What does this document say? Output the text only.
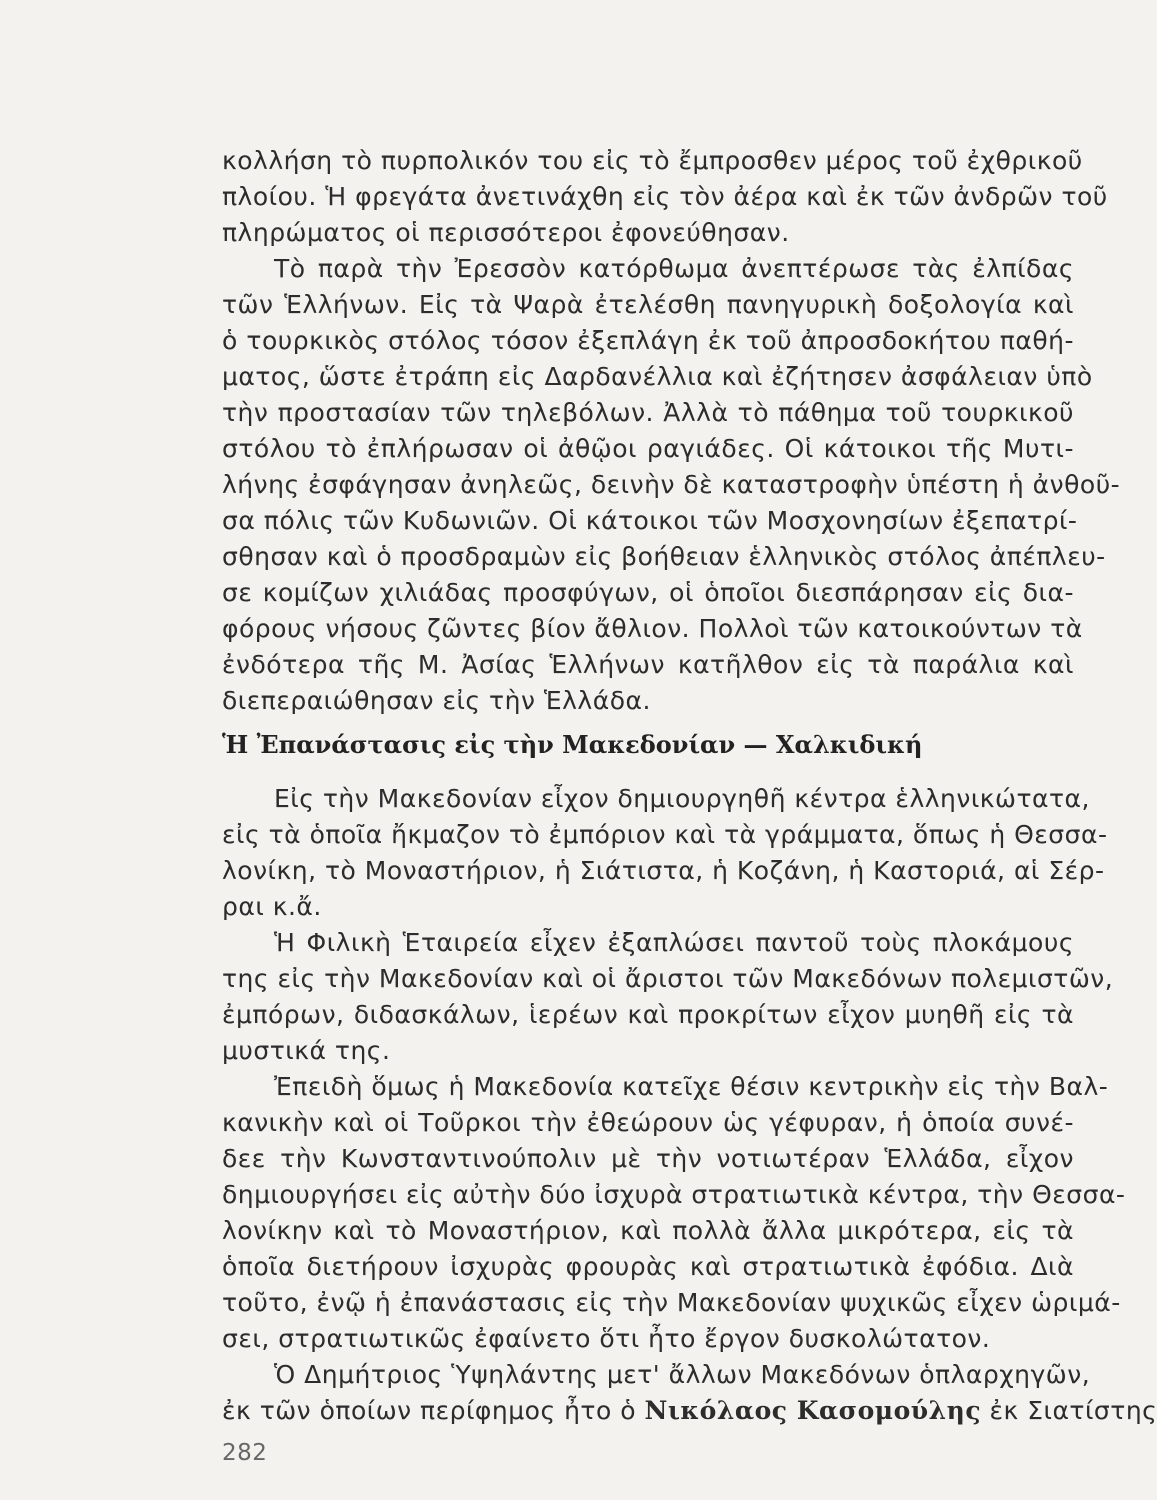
κολλήση τὸ πυρπολικόν του εἰς τὸ ἔμπροσθεν μέρος τοῦ ἐχθρικοῦ
πλοίου. Ἡ φρεγάτα ἀνετινάχθη εἰς τὸν ἀέρα καὶ ἐκ τῶν ἀνδρῶν τοῦ
πληρώματος οἱ περισσότεροι ἐφονεύθησαν.
Τὸ παρὰ τὴν Ἐρεσσὸν κατόρθωμα ἀνεπτέρωσε τὰς ἐλπίδας
τῶν Ἑλλήνων. Εἰς τὰ Ψαρὰ ἐτελέσθη πανηγυρικὴ δοξολογία καὶ
ὁ τουρκικὸς στόλος τόσον ἐξεπλάγη ἐκ τοῦ ἀπροσδοκήτου παθή-
ματος, ὥστε ἐτράπη εἰς Δαρδανέλλια καὶ ἐζήτησεν ἀσφάλειαν ὑπὸ
τὴν προστασίαν τῶν τηλεβόλων. Ἀλλὰ τὸ πάθημα τοῦ τουρκικοῦ
στόλου τὸ ἐπλήρωσαν οἱ ἀθῷοι ραγιάδες. Οἱ κάτοικοι τῆς Μυτι-
λήνης ἐσφάγησαν ἀνηλεῶς, δεινὴν δὲ καταστροφὴν ὑπέστη ἡ ἀνθοῦ-
σα πόλις τῶν Κυδωνιῶν. Οἱ κάτοικοι τῶν Μοσχονησίων ἐξεπατρί-
σθησαν καὶ ὁ προσδραμὼν εἰς βοήθειαν ἑλληνικὸς στόλος ἀπέπλευ-
σε κομίζων χιλιάδας προσφύγων, οἱ ὁποῖοι διεσπάρησαν εἰς δια-
φόρους νήσους ζῶντες βίον ἄθλιον. Πολλοὶ τῶν κατοικούντων τὰ
ἐνδότερα τῆς Μ. Ἀσίας Ἑλλήνων κατῆλθον εἰς τὰ παράλια καὶ
διεπεραιώθησαν εἰς τὴν Ἑλλάδα.
Ἡ Ἐπανάστασις εἰς τὴν Μακεδονίαν — Χαλκιδική
Εἰς τὴν Μακεδονίαν εἶχον δημιουργηθῆ κέντρα ἑλληνικώτατα,
εἰς τὰ ὁποῖα ἤκμαζον τὸ ἐμπόριον καὶ τὰ γράμματα, ὅπως ἡ Θεσσα-
λονίκη, τὸ Μοναστήριον, ἡ Σιάτιστα, ἡ Κοζάνη, ἡ Καστοριά, αἱ Σέρ-
ραι κ.ἄ.
Ἡ Φιλικὴ Ἑταιρεία εἶχεν ἐξαπλώσει παντοῦ τοὺς πλοκάμους
της εἰς τὴν Μακεδονίαν καὶ οἱ ἄριστοι τῶν Μακεδόνων πολεμιστῶν,
ἐμπόρων, διδασκάλων, ἱερέων καὶ προκρίτων εἶχον μυηθῆ εἰς τὰ
μυστικά της.
Ἐπειδὴ ὅμως ἡ Μακεδονία κατεῖχε θέσιν κεντρικὴν εἰς τὴν Βαλ-
κανικὴν καὶ οἱ Τοῦρκοι τὴν ἐθεώρουν ὡς γέφυραν, ἡ ὁποία συνέ-
δεε τὴν Κωνσταντινούπολιν μὲ τὴν νοτιωτέραν Ἑλλάδα, εἶχον
δημιουργήσει εἰς αὐτὴν δύο ἰσχυρὰ στρατιωτικὰ κέντρα, τὴν Θεσσα-
λονίκην καὶ τὸ Μοναστήριον, καὶ πολλὰ ἄλλα μικρότερα, εἰς τὰ
ὁποῖα διετήρουν ἰσχυρὰς φρουρὰς καὶ στρατιωτικὰ ἐφόδια. Διὰ
τοῦτο, ἐνῷ ἡ ἐπανάστασις εἰς τὴν Μακεδονίαν ψυχικῶς εἶχεν ὡριμά-
σει, στρατιωτικῶς ἐφαίνετο ὅτι ἦτο ἔργον δυσκολώτατον.
Ὁ Δημήτριος Ὑψηλάντης μετ' ἄλλων Μακεδόνων ὁπλαρχηγῶν,
ἐκ τῶν ὁποίων περίφημος ἦτο ὁ Νικόλαος Κασομούλης ἐκ Σιατίστης
282
